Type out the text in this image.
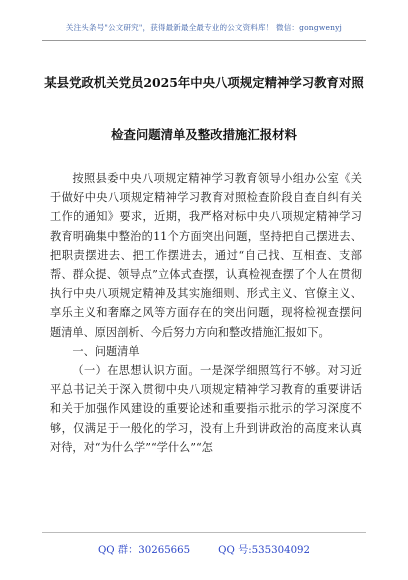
关注头条号"公文研究"，获得最新最全最专业的公文资料库！ 微信：gongwenyj
某县党政机关党员2025年中央八项规定精神学习教育对照
检查问题清单及整改措施汇报材料

按照县委中央八项规定精神学习教育领导小组办公室《关于做好中央八项规定精神学习教育对照检查阶段自查自纠有关工作的通知》要求，近期，我严格对标中央八项规定精神学习教育明确集中整治的11个方面突出问题，坚持把自己摆进去、把职责摆进去、把工作摆进去，通过“自己找、互相查、支部帮、群众提、领导点”立体式查摆，认真检视查摆了个人在贯彻执行中央八项规定精神及其实施细则、形式主义、官僚主义、享乐主义和奢靡之风等方面存在的突出问题，现将检视查摆问题清单、原因剖析、今后努力方向和整改措施汇报如下。

一、问题清单

（一）在思想认识方面。一是深学细照笃行不够。对习近平总书记关于深入贯彻中央八项规定精神学习教育的重要讲话和关于加强作风建设的重要论述和重要指示批示的学习深度不够，仅满足于一般化的学习，没有上升到讲政治的高度来认真对待，对“为什么学”“学什么”“怎

QQ 群：30265665	QQ 号:535304092
